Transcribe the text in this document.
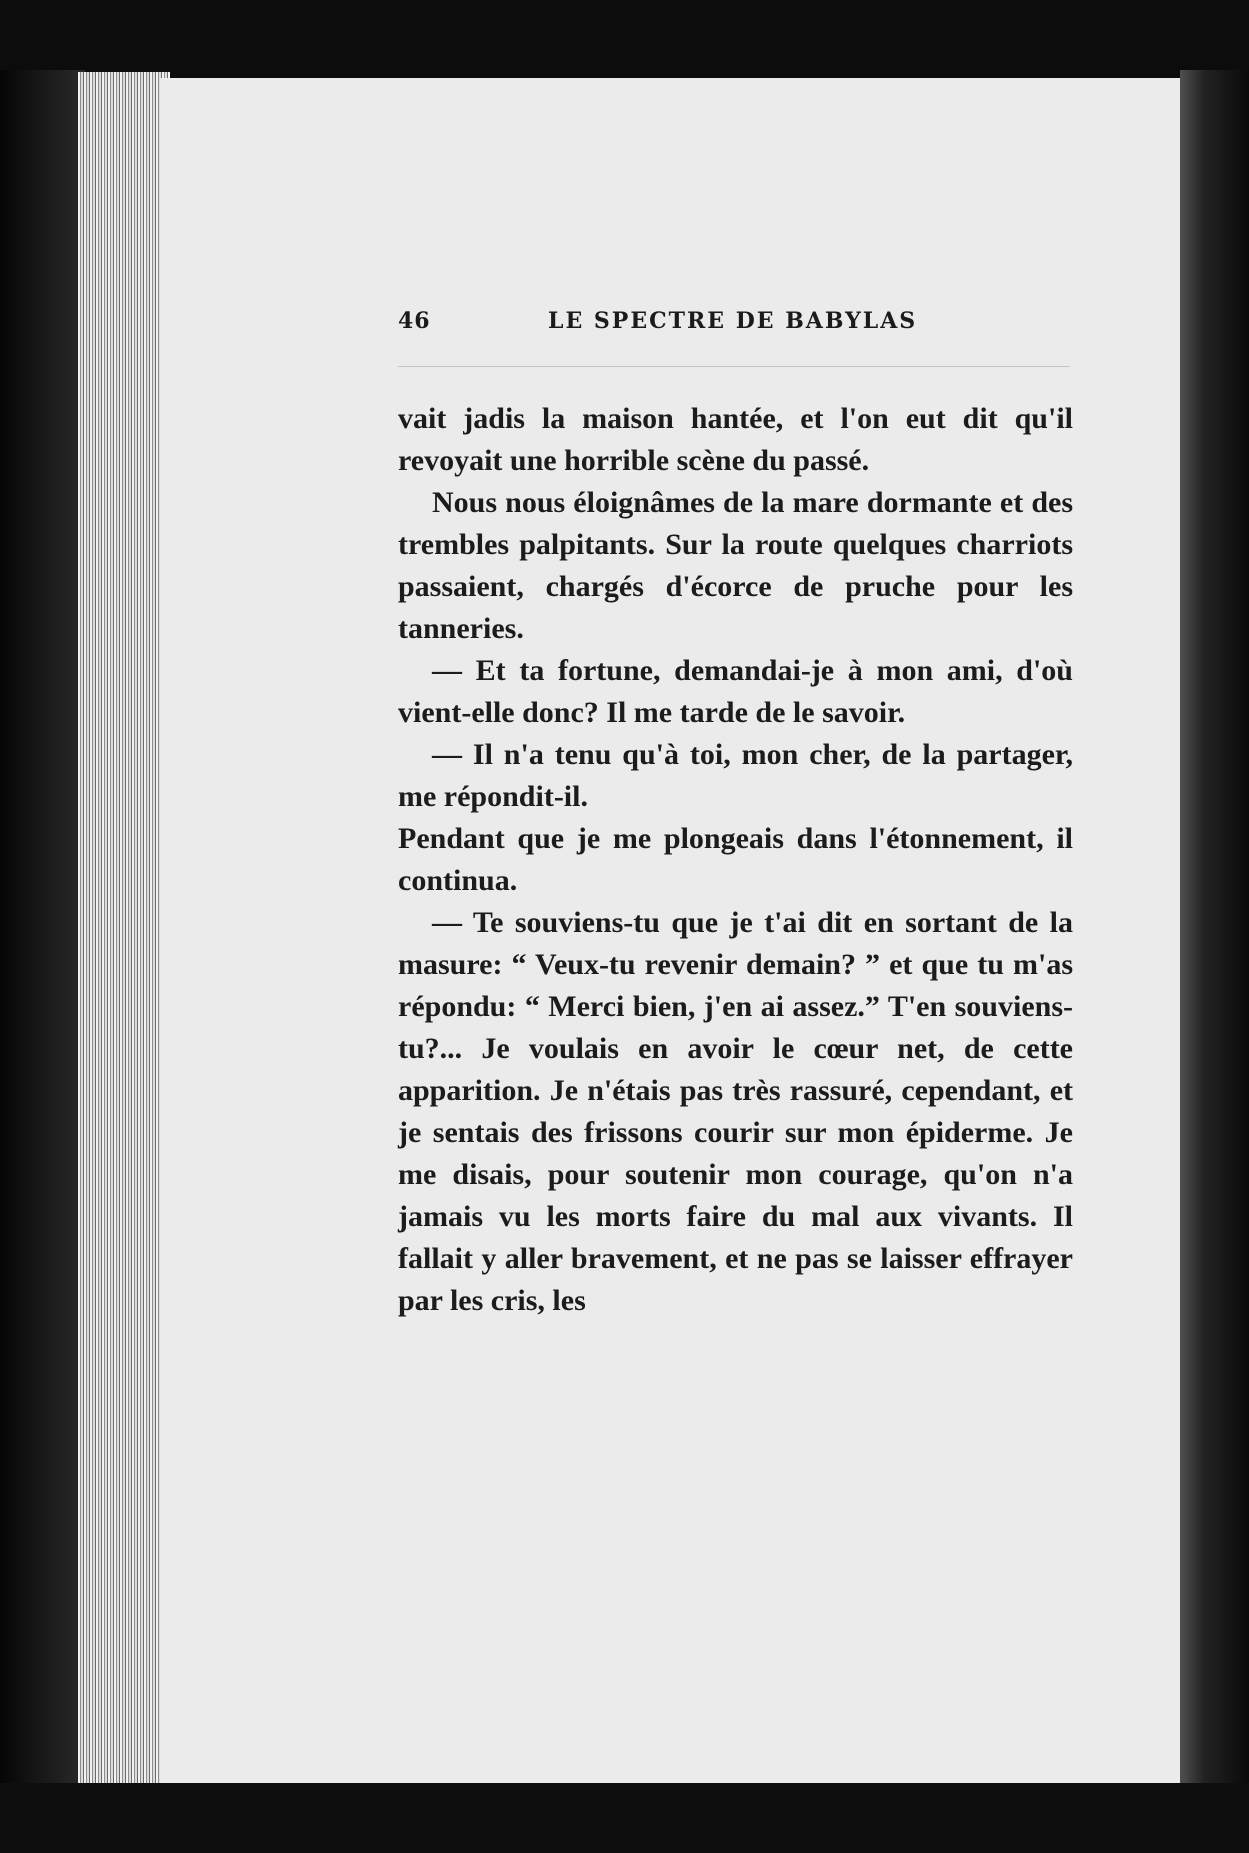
46	LE SPECTRE DE BABYLAS

vait jadis la maison hantée, et l'on eut dit qu'il revoyait une horrible scène du passé.

Nous nous éloignâmes de la mare dormante et des trembles palpitants. Sur la route quelques charriots passaient, chargés d'écorce de pruche pour les tanneries.

— Et ta fortune, demandai-je à mon ami, d'où vient-elle donc? Il me tarde de le savoir.

— Il n'a tenu qu'à toi, mon cher, de la partager, me répondit-il.

Pendant que je me plongeais dans l'étonnement, il continua.

— Te souviens-tu que je t'ai dit en sortant de la masure: “ Veux-tu revenir demain? ” et que tu m'as répondu: “ Merci bien, j'en ai assez.” T'en souviens-tu?... Je voulais en avoir le cœur net, de cette apparition. Je n'étais pas très rassuré, cependant, et je sentais des frissons courir sur mon épiderme. Je me disais, pour soutenir mon courage, qu'on n'a jamais vu les morts faire du mal aux vivants. Il fallait y aller bravement, et ne pas se laisser effrayer par les cris, les
